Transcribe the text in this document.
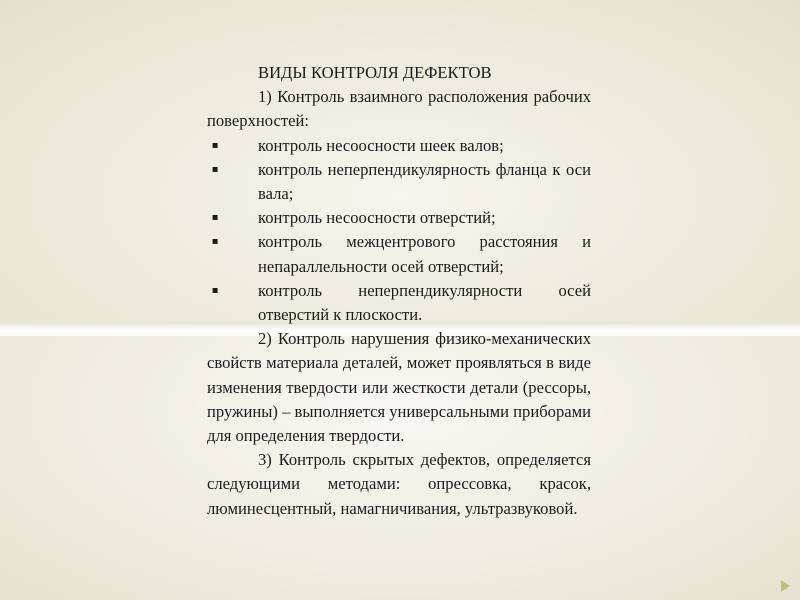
ВИДЫ КОНТРОЛЯ ДЕФЕКТОВ

1) Контроль взаимного расположения рабочих поверхностей:

▪ контроль несоосности шеек валов;
▪ контроль неперпендикулярность фланца к оси вала;
▪ контроль несоосности отверстий;
▪ контроль межцентрового расстояния и непараллельности осей отверстий;
▪ контроль неперпендикулярности осей отверстий к плоскости.

2) Контроль нарушения физико-механических свойств материала деталей, может проявляться в виде изменения твердости или жесткости детали (рессоры, пружины) – выполняется универсальными приборами для определения твердости.

3) Контроль скрытых дефектов, определяется следующими методами: опрессовка, красок, люминесцентный, намагничивания, ультразвуковой.
